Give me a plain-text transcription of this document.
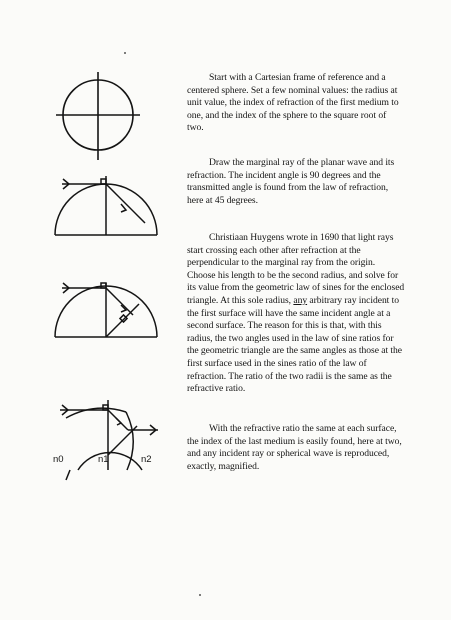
n0	n1	n2

Start with a Cartesian frame of reference and a centered sphere. Set a few nominal values: the radius at unit value, the index of refraction of the first medium to one, and the index of the sphere to the square root of two.

Draw the marginal ray of the planar wave and its refraction. The incident angle is 90 degrees and the transmitted angle is found from the law of refraction, here at 45 degrees.

Christiaan Huygens wrote in 1690 that light rays start crossing each other after refraction at the perpendicular to the marginal ray from the origin. Choose his length to be the second radius, and solve for its value from the geometric law of sines for the enclosed triangle. At this sole radius, any arbitrary ray incident to the first surface will have the same incident angle at a second surface. The reason for this is that, with this radius, the two angles used in the law of sine ratios for the geometric triangle are the same angles as those at the first surface used in the sines ratio of the law of refraction. The ratio of the two radii is the same as the refractive ratio.

With the refractive ratio the same at each surface, the index of the last medium is easily found, here at two, and any incident ray or spherical wave is reproduced, exactly, magnified.
